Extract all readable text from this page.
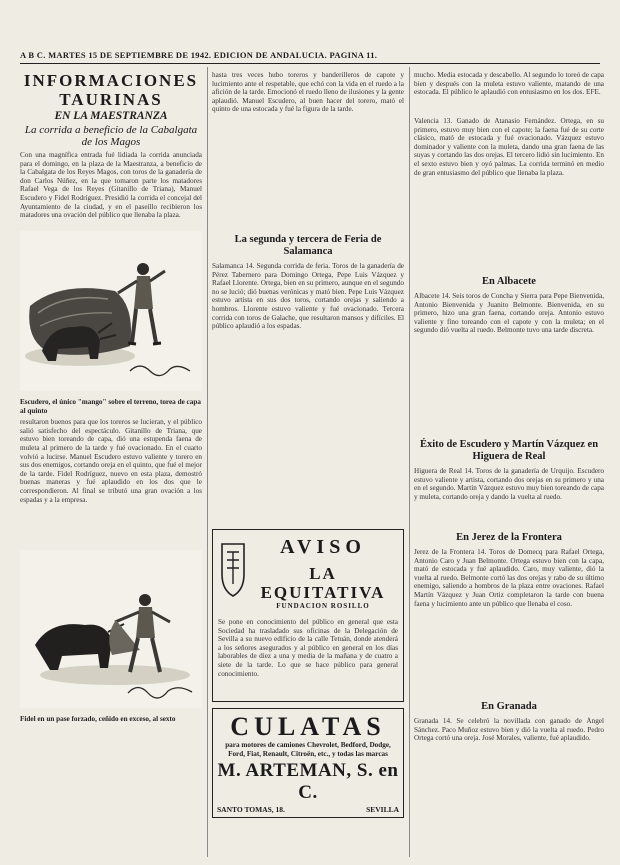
A B C. MARTES 15 DE SEPTIEMBRE DE 1942. EDICION DE ANDALUCIA. PAGINA 11.
INFORMACIONES TAURINAS
EN LA MAESTRANZA
La corrida a beneficio de la Cabalgata de los Magos
Con una magnífica entrada fué lidiada la corrida anunciada para el domingo, en la plaza de la Maestranza, a beneficio de la Cabalgata de los Reyes Magos, con toros de la ganadería de don Carlos Núñez, en la que tomaron parte los matadores Rafael Vega de los Reyes (Gitanillo de Triana), Manuel Escudero y Fidel Rodríguez. Presidió la corrida el concejal del Ayuntamiento de la ciudad, y en el paseíllo recibieron los matadores una ovación del público que llenaba la plaza.
Escudero, el único "mango" sobre el terreno, torea de capa al quinto
resultaron buenos para que los toreros se lucieran, y el público salió satisfecho del espectáculo. Gitanillo de Triana, que estuvo bien toreando de capa, dió una estupenda faena de muleta al primero de la tarde y fué ovacionado. En el cuarto volvió a lucirse. Manuel Escudero estuvo valiente y torero en sus dos enemigos, cortando oreja en el quinto, que fué el mejor de la tarde. Fidel Rodríguez, nuevo en esta plaza, demostró buenas maneras y fué aplaudido en los dos que le correspondieron. Al final se tributó una gran ovación a los espadas y a la empresa.
Fidel en un pase forzado, ceñido en exceso, al sexto
hasta tres veces hubo toreros y banderilleros de capote y lucimiento ante el respetable, que echó con la vida en el ruedo a la afición de la tarde. Emocionó el ruedo lleno de ilusiones y la gente aplaudió. Manuel Escudero, al buen hacer del torero, mató el quinto de una estocada y fué la figura de la tarde.
La segunda y tercera de Feria de Salamanca
Salamanca 14. Segunda corrida de feria. Toros de la ganadería de Pérez Tabernero para Domingo Ortega, Pepe Luis Vázquez y Rafael Llorente. Ortega, bien en su primero, aunque en el segundo no se lució; dió buenas verónicas y mató bien. Pepe Luis Vázquez estuvo artista en sus dos toros, cortando orejas y saliendo a hombros. Llorente estuvo valiente y fué ovacionado. Tercera corrida con toros de Galache, que resultaron mansos y difíciles. El público aplaudió a los espadas.
AVISO
LA EQUITATIVA
FUNDACION ROSILLO
Se pone en conocimiento del público en general que esta Sociedad ha trasladado sus oficinas de la Delegación de Sevilla a su nuevo edificio de la calle Tetuán, donde atenderá a los señores asegurados y al público en general en los días laborables de diez a una y media de la mañana y de cuatro a siete de la tarde. Lo que se hace público para general conocimiento.
CULATAS
para motores de camiones Chevrolet, Bedford, Dodge, Ford, Fiat, Renault, Citroën, etc., y todas las marcas
M. ARTEMAN, S. en C.
SANTO TOMAS, 18.	SEVILLA
mucho. Media estocada y descabello. Al segundo lo toreó de capa bien y después con la muleta estuvo valiente, matando de una estocada. El público le aplaudió con entusiasmo en los dos. EFE.
Valencia 13. Ganado de Atanasio Fernández. Ortega, en su primero, estuvo muy bien con el capote; la faena fué de su corte clásico, mató de estocada y fué ovacionado. Vázquez estuvo dominador y valiente con la muleta, dando una gran faena de las suyas y cortando las dos orejas. El tercero lidió sin lucimiento. En el sexto estuvo bien y oyó palmas. La corrida terminó en medio de gran entusiasmo del público que llenaba la plaza.
En Albacete
Albacete 14. Seis toros de Concha y Sierra para Pepe Bienvenida, Antonio Bienvenida y Juanito Belmonte. Bienvenida, en su primero, hizo una gran faena, cortando oreja. Antonio estuvo valiente y fino toreando con el capote y con la muleta; en el segundo dió vuelta al ruedo. Belmonte tuvo una tarde discreta.
Éxito de Escudero y Martín Vázquez en Higuera de Real
Higuera de Real 14. Toros de la ganadería de Urquijo. Escudero estuvo valiente y artista, cortando dos orejas en su primero y una en el segundo. Martín Vázquez estuvo muy bien toreando de capa y muleta, cortando oreja y dando la vuelta al ruedo.
En Jerez de la Frontera
Jerez de la Frontera 14. Toros de Domecq para Rafael Ortega, Antonio Caro y Juan Belmonte. Ortega estuvo bien con la capa, mató de estocada y fué aplaudido. Caro, muy valiente, dió la vuelta al ruedo. Belmonte cortó las dos orejas y rabo de su último enemigo, saliendo a hombros de la plaza entre ovaciones. Rafael Martín Vázquez y Juan Ortiz completaron la tarde con buena faena y lucimiento ante un público que llenaba el coso.
En Granada
Granada 14. Se celebró la novillada con ganado de Ángel Sánchez. Paco Muñoz estuvo bien y dió la vuelta al ruedo. Pedro Ortega cortó una oreja. José Morales, valiente, fué aplaudido.
